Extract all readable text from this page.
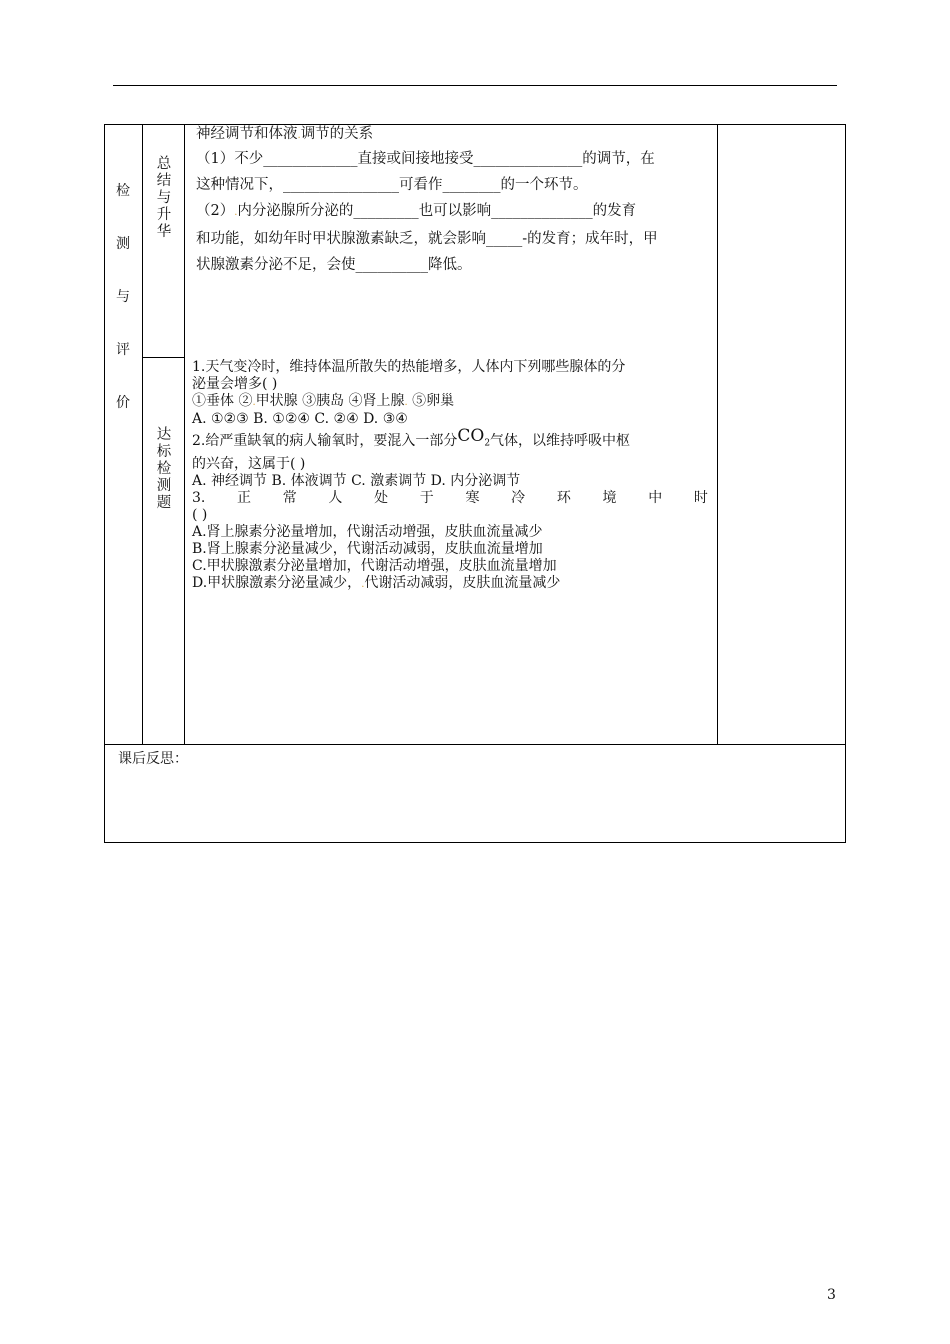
检
测
与
评
价
总
结
与
升
华
达
标
检
测
题

神经调节和体液.调节的关系

（1）不少_____________直接或间接地接受_______________的调节，在

这种情况下，________________可看作________的一个环节。

（2）.内分泌腺所分泌的_________也可以影响______________的发育

和功能，如幼年时甲状腺激素缺乏，就会影响_____-的发育；成年时，甲

状腺激素分泌不足，会使__________降低。

1.天气变冷时，维持体温所散失的热能增多，人体内下列哪些腺体的分

泌量会增多( )

①垂体 ②.甲状腺 ③胰岛 ④肾上腺. ⑤卵巢

A. ①②③ B. ①②④ C. ②④ D. ③④

2.给严重缺氧的病人输氧时，要混入一部分$CO_2$气体，以维持呼吸中枢

的兴奋，这属于( )

A. 神经调节 B. 体液调节 C. 激素调节 D. 内分泌调节

3. 正 常 人 处 于 寒 冷 环 境 中 时

( )

A.肾上腺素分泌量增加，代谢活动增强，皮肤血流量减少

B.肾上腺素分泌量减少，代谢活动减弱，皮肤血流量增加

C.甲状腺激素分泌量增加，代谢活动增强，皮肤血流量增加

D.甲状腺激素分泌量减少，.代谢活动减弱，皮肤血流量减少

课后反思：
3
